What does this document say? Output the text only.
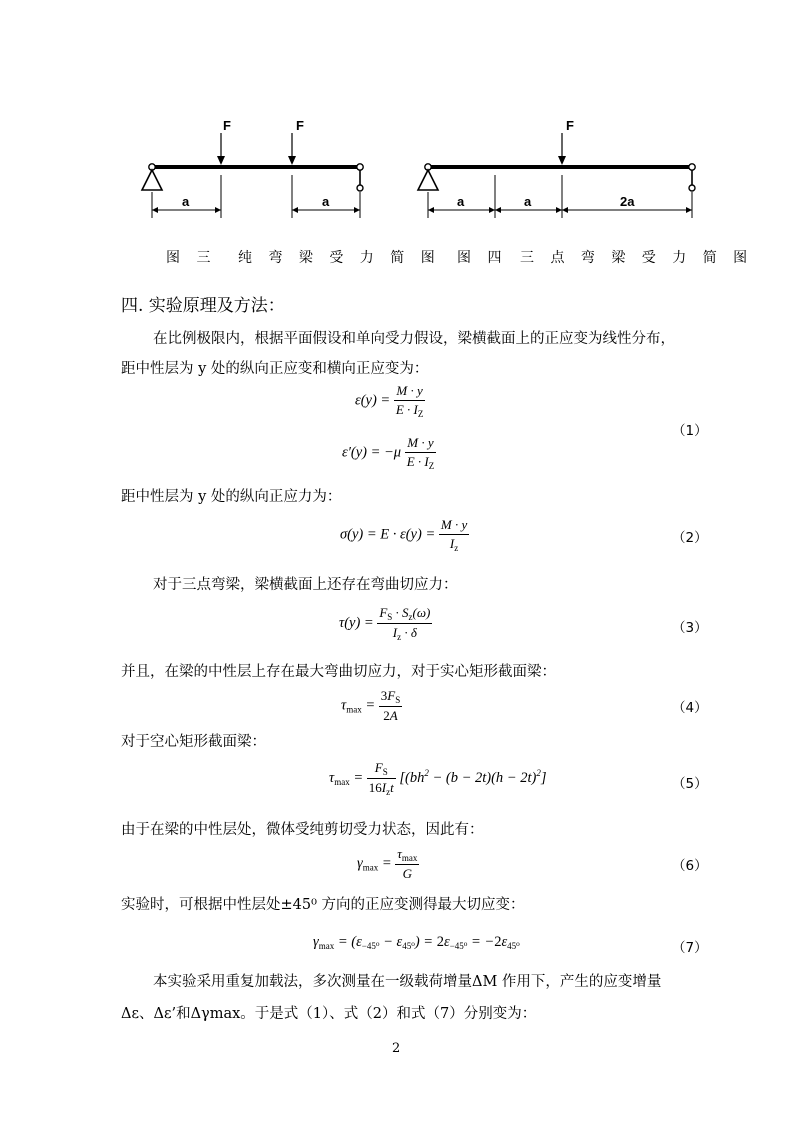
F	F
a	a
F
a	a	2a
图 三 纯 弯 梁 受 力 简 图 图 四 三 点 弯 梁 受 力 简 图
四. 实验原理及方法：
在比例极限内，根据平面假设和单向受力假设，梁横截面上的正应变为线性分布，
距中性层为 y 处的纵向正应变和横向正应变为：
$\varepsilon(y) = \frac{M \cdot y}{E \cdot I_Z}$
$\varepsilon'(y) = -\mu \frac{M \cdot y}{E \cdot I_Z}$
（1）
距中性层为 y 处的纵向正应力为：
$\sigma(y) = E \cdot \varepsilon(y) = \frac{M \cdot y}{I_z}$	（2）
对于三点弯梁，梁横截面上还存在弯曲切应力：
$\tau(y) = \frac{F_S \cdot S_z(\omega)}{I_z \cdot \delta}$	（3）
并且，在梁的中性层上存在最大弯曲切应力，对于实心矩形截面梁：
$\tau_{max} = \frac{3F_S}{2A}$	（4）
对于空心矩形截面梁：
$\tau_{max} = \frac{F_S}{16I_zt} [(bh^2 - (b - 2t)(h - 2t)^2]$	（5）
由于在梁的中性层处，微体受纯剪切受力状态，因此有：
$\gamma_{max} = \frac{\tau_{max}}{G}$	（6）
实验时，可根据中性层处±45⁰ 方向的正应变测得最大切应变：
$\gamma_{max} = (\varepsilon_{-45^0} - \varepsilon_{45^0}) = 2\varepsilon_{-45^0} = -2\varepsilon_{45^0}$	（7）
本实验采用重复加载法，多次测量在一级载荷增量ΔM 作用下，产生的应变增量
Δε、Δε’和Δγmax。于是式（1）、式（2）和式（7）分别变为：
2
